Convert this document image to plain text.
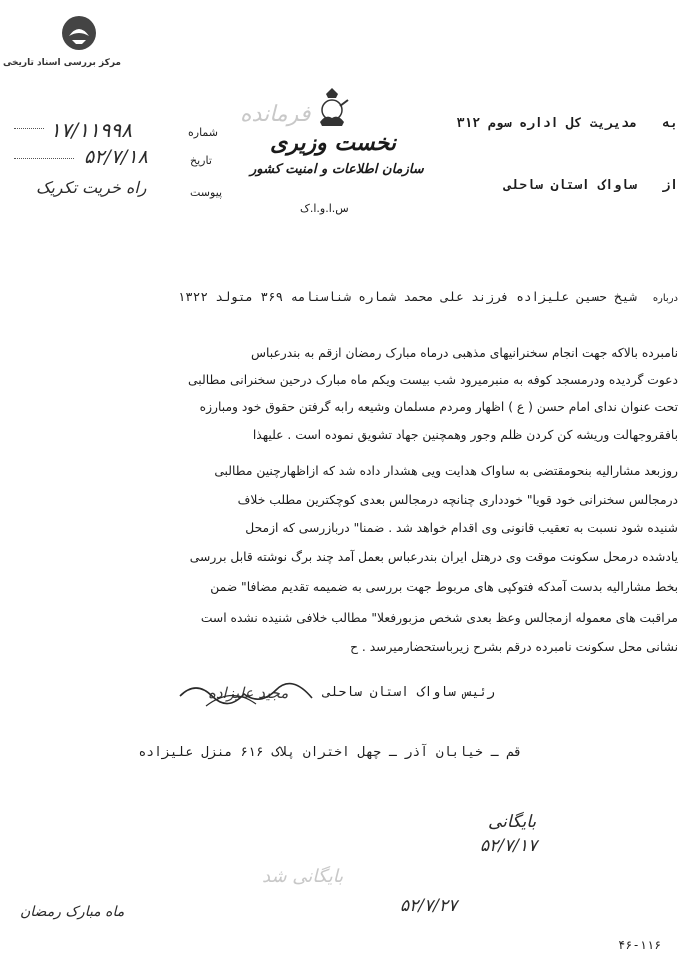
مرکز بررسی اسناد تاریخی
به  مدیریت کل اداره سوم ۳۱۲
از  ساواک استان ساحلی
شماره
۱۷/۱۱۹۹۸
تاریخ
۵۲/۷/۱۸
پیوست
راه خریت تکریک
فرمانده
نخست وزیری
سازمان اطلاعات و امنیت کشور
س.ا.و.ا.ک
درباره  شیخ حسین علیزاده فرزند علی محمد شماره شناسنامه ۳۶۹ متولد ۱۳۲۲
نامبرده بالاکه جهت انجام سخنرانیهای مذهبی درماه مبارک رمضان ازقم به بندرعباس
دعوت گردیده ودرمسجد کوفه به منبرمیرود شب بیست ویکم ماه مبارک درحین سخنرانی مطالبی
تحت عنوان ندای امام حسن ( ع ) اظهار ومردم مسلمان وشیعه رابه گرفتن حقوق خود ومبارزه
بافقروجهالت وریشه کن کردن ظلم وجور وهمچنین جهاد تشویق نموده است . علیهذا
روزبعد مشارالیه بنحومقتضی به ساواک هدایت ویی هشدار داده شد که ازاظهارچنین مطالبی
درمجالس سخنرانی خود قویا" خودداری چنانچه درمجالس بعدی کوچکترین مطلب خلاف
شنیده شود نسبت به تعقیب قانونی وی اقدام خواهد شد . ضمنا" دربازرسی که ازمحل
یادشده درمحل سکونت موقت وی درهتل ایران بندرعباس بعمل آمد چند برگ نوشته قابل بررسی
بخط مشارالیه بدست آمدکه فتوکپی های مربوط جهت بررسی به ضمیمه تقدیم مضافا" ضمن
مراقبت های معموله ازمجالس وعظ بعدی شخص مزبورفعلا" مطالب خلافی شنیده نشده است
نشانی محل سکونت نامبرده درقم بشرح زیرباستحضارمیرسد . ح
رئیس ساواک استان ساحلی
مجید علیزاده
قم ـ خیابان آذر ـ چهل اختران پلاک ۶۱۶ منزل علیزاده
بایگانی
۵۲/۷/۱۷
بایگانی شد
۵۲/۷/۲۷
ماه مبارک رمضان
۴۶-۱۱۶
